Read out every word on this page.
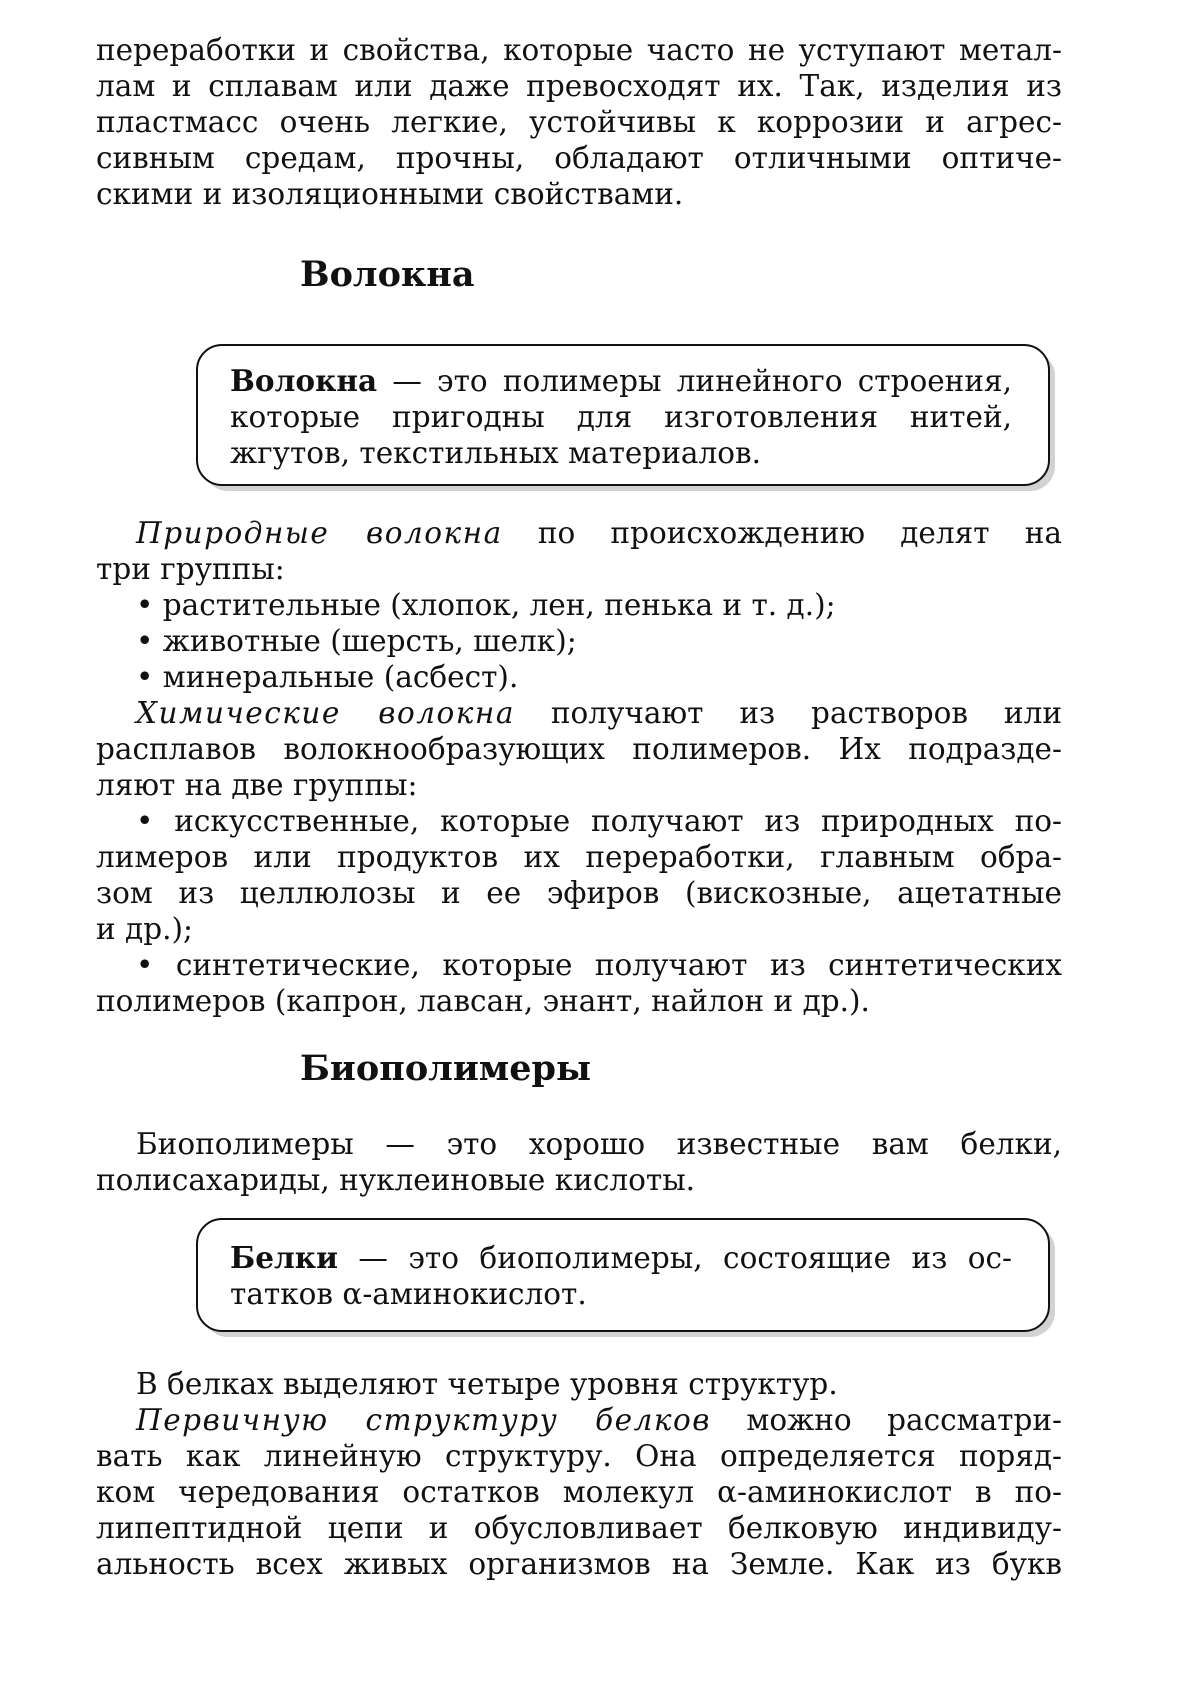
переработки и свойства, которые часто не уступают метал-
лам и сплавам или даже превосходят их. Так, изделия из
пластмасс очень легкие, устойчивы к коррозии и агрес-
сивным средам, прочны, обладают отличными оптиче-
скими и изоляционными свойствами.
Волокна
Волокна — это полимеры линейного строения,
которые пригодны для изготовления нитей,
жгутов, текстильных материалов.
Природные волокна по происхождению делят на
три группы:
• растительные (хлопок, лен, пенька и т. д.);
• животные (шерсть, шелк);
• минеральные (асбест).
Химические волокна получают из растворов или
расплавов волокнообразующих полимеров. Их подразде-
ляют на две группы:
• искусственные, которые получают из природных по-
лимеров или продуктов их переработки, главным обра-
зом из целлюлозы и ее эфиров (вискозные, ацетатные
и др.);
• синтетические, которые получают из синтетических
полимеров (капрон, лавсан, энант, найлон и др.).
Биополимеры
Биополимеры — это хорошо известные вам белки,
полисахариды, нуклеиновые кислоты.
Белки — это биополимеры, состоящие из ос-
татков α-аминокислот.
В белках выделяют четыре уровня структур.
Первичную структуру белков можно рассматри-
вать как линейную структуру. Она определяется поряд-
ком чередования остатков молекул α-аминокислот в по-
липептидной цепи и обусловливает белковую индивиду-
альность всех живых организмов на Земле. Как из букв
